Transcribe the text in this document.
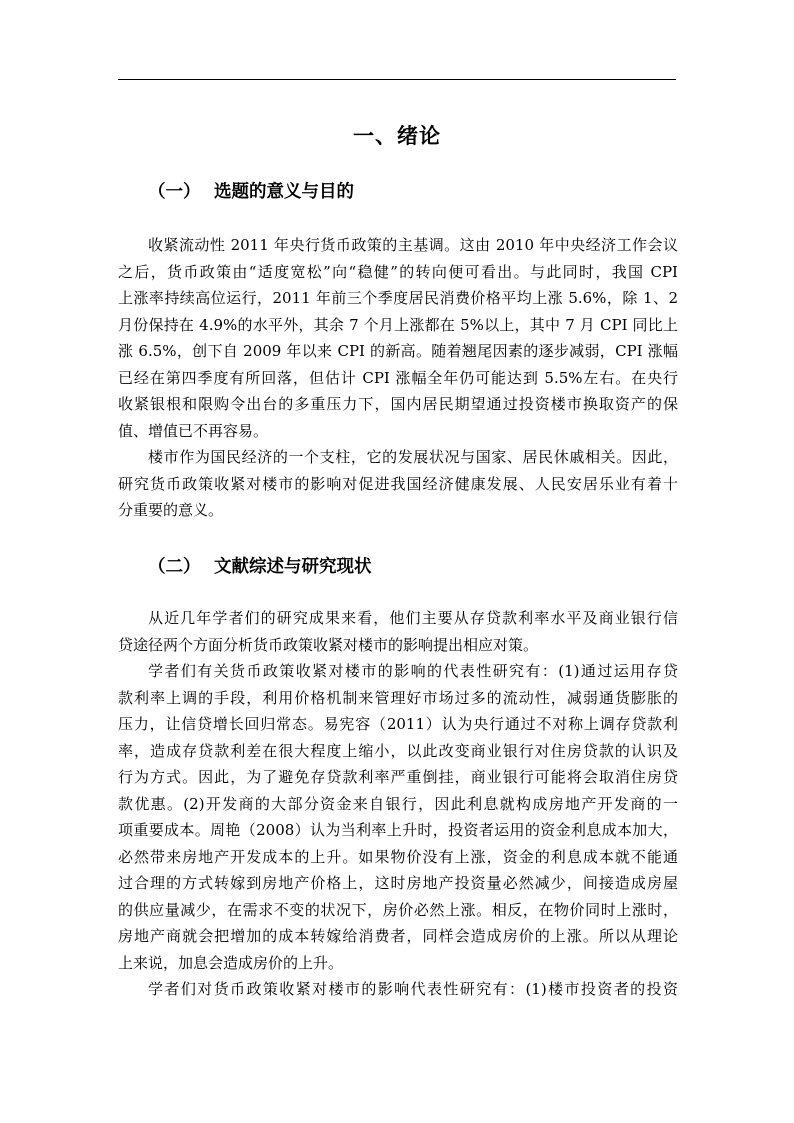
一、绪论
（一） 选题的意义与目的
收紧流动性 2011 年央行货币政策的主基调。这由 2010 年中央经济工作会议
之后，货币政策由“适度宽松”向“稳健”的转向便可看出。与此同时，我国 CPI
上涨率持续高位运行，2011 年前三个季度居民消费价格平均上涨 5.6%，除 1、2
月份保持在 4.9%的水平外，其余 7 个月上涨都在 5%以上，其中 7 月 CPI 同比上
涨 6.5%，创下自 2009 年以来 CPI 的新高。随着翘尾因素的逐步减弱，CPI 涨幅
已经在第四季度有所回落，但估计 CPI 涨幅全年仍可能达到 5.5%左右。在央行
收紧银根和限购令出台的多重压力下，国内居民期望通过投资楼市换取资产的保
值、增值已不再容易。
楼市作为国民经济的一个支柱，它的发展状况与国家、居民休戚相关。因此，
研究货币政策收紧对楼市的影响对促进我国经济健康发展、人民安居乐业有着十
分重要的意义。
（二） 文献综述与研究现状
从近几年学者们的研究成果来看，他们主要从存贷款利率水平及商业银行信
贷途径两个方面分析货币政策收紧对楼市的影响提出相应对策。
学者们有关货币政策收紧对楼市的影响的代表性研究有：(1)通过运用存贷
款利率上调的手段，利用价格机制来管理好市场过多的流动性，减弱通货膨胀的
压力，让信贷增长回归常态。易宪容（2011）认为央行通过不对称上调存贷款利
率，造成存贷款利差在很大程度上缩小，以此改变商业银行对住房贷款的认识及
行为方式。因此，为了避免存贷款利率严重倒挂，商业银行可能将会取消住房贷
款优惠。(2)开发商的大部分资金来自银行，因此利息就构成房地产开发商的一
项重要成本。周艳（2008）认为当利率上升时，投资者运用的资金利息成本加大，
必然带来房地产开发成本的上升。如果物价没有上涨，资金的利息成本就不能通
过合理的方式转嫁到房地产价格上，这时房地产投资量必然减少，间接造成房屋
的供应量减少，在需求不变的状况下，房价必然上涨。相反，在物价同时上涨时，
房地产商就会把增加的成本转嫁给消费者，同样会造成房价的上涨。所以从理论
上来说，加息会造成房价的上升。
学者们对货币政策收紧对楼市的影响代表性研究有：(1)楼市投资者的投资
